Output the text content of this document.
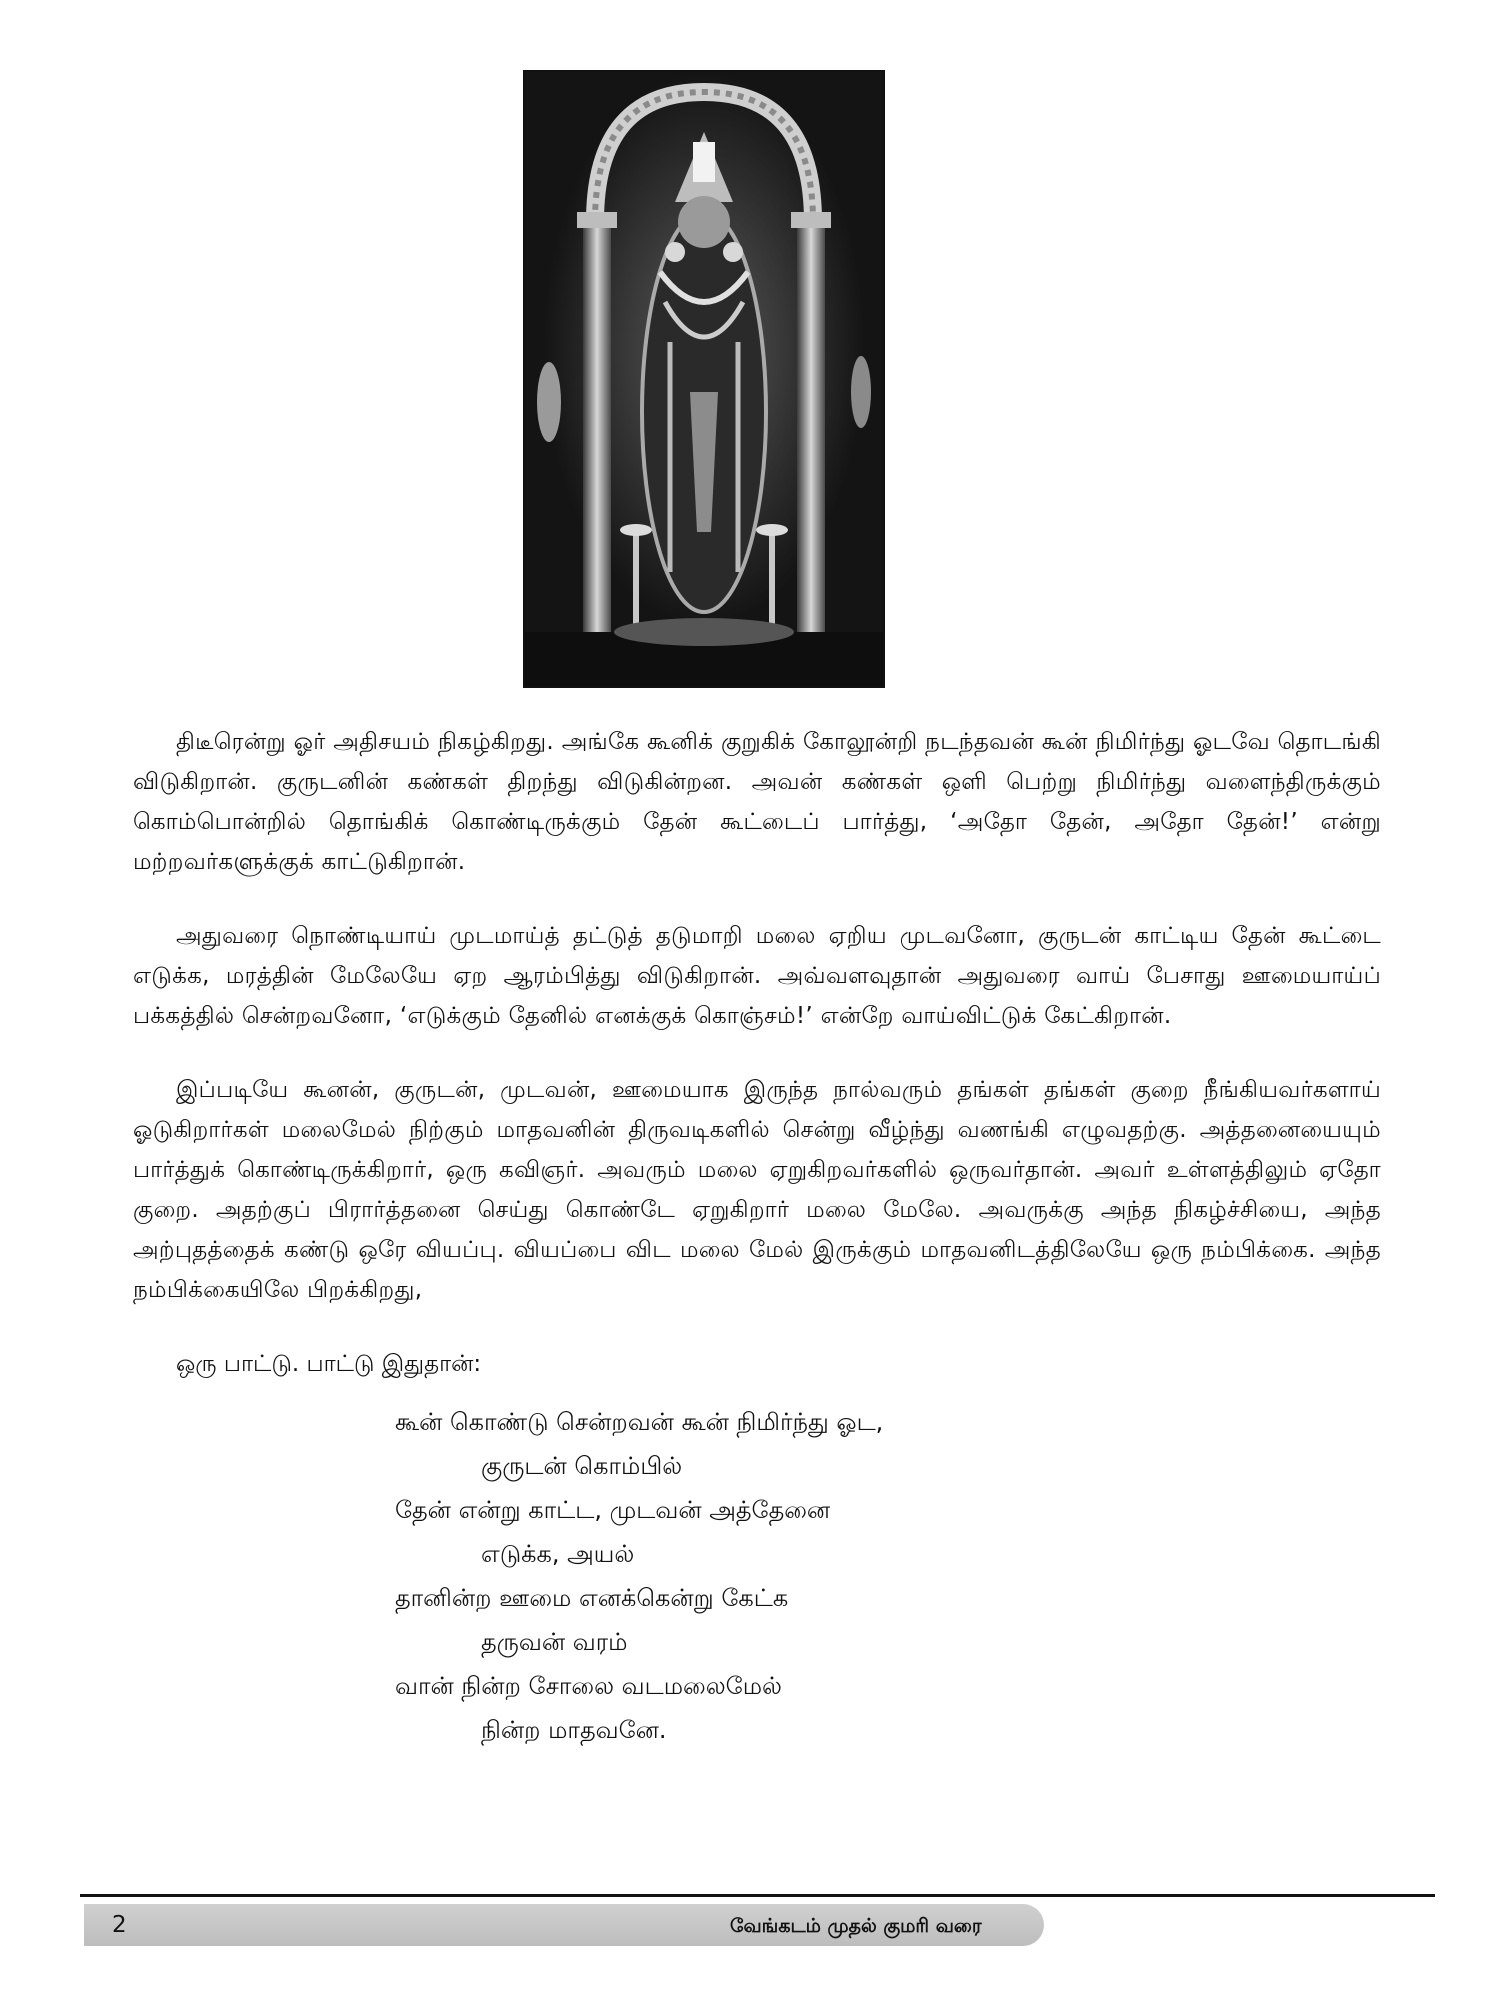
திடீரென்று ஓர் அதிசயம் நிகழ்கிறது. அங்கே கூனிக் குறுகிக் கோலூன்றி நடந்தவன் கூன் நிமிர்ந்து ஓடவே தொடங்கி விடுகிறான். குருடனின் கண்கள் திறந்து விடுகின்றன. அவன் கண்கள் ஒளி பெற்று நிமிர்ந்து வளைந்திருக்கும் கொம்பொன்றில் தொங்கிக் கொண்டிருக்கும் தேன் கூட்டைப் பார்த்து, ‘அதோ தேன், அதோ தேன்!’ என்று மற்றவர்களுக்குக் காட்டுகிறான்.

அதுவரை நொண்டியாய் முடமாய்த் தட்டுத் தடுமாறி மலை ஏறிய முடவனோ, குருடன் காட்டிய தேன் கூட்டை எடுக்க, மரத்தின் மேலேயே ஏற ஆரம்பித்து விடுகிறான். அவ்வளவுதான் அதுவரை வாய் பேசாது ஊமையாய்ப் பக்கத்தில் சென்றவனோ, ‘எடுக்கும் தேனில் எனக்குக் கொஞ்சம்!’ என்றே வாய்விட்டுக் கேட்கிறான்.

இப்படியே கூனன், குருடன், முடவன், ஊமையாக இருந்த நால்வரும் தங்கள் தங்கள் குறை நீங்கியவர்களாய் ஓடுகிறார்கள் மலைமேல் நிற்கும் மாதவனின் திருவடிகளில் சென்று வீழ்ந்து வணங்கி எழுவதற்கு. அத்தனையையும் பார்த்துக் கொண்டிருக்கிறார், ஒரு கவிஞர். அவரும் மலை ஏறுகிறவர்களில் ஒருவர்தான். அவர் உள்ளத்திலும் ஏதோ குறை. அதற்குப் பிரார்த்தனை செய்து கொண்டே ஏறுகிறார் மலை மேலே. அவருக்கு அந்த நிகழ்ச்சியை, அந்த அற்புதத்தைக் கண்டு ஒரே வியப்பு. வியப்பை விட மலை மேல் இருக்கும் மாதவனிடத்திலேயே ஒரு நம்பிக்கை. அந்த நம்பிக்கையிலே பிறக்கிறது,

ஒரு பாட்டு. பாட்டு இதுதான்:

கூன் கொண்டு சென்றவன் கூன் நிமிர்ந்து ஓட,
குருடன் கொம்பில்
தேன் என்று காட்ட, முடவன் அத்தேனை
எடுக்க, அயல்
தானின்ற ஊமை எனக்கென்று கேட்க
தருவன் வரம்
வான் நின்ற சோலை வடமலைமேல்
நின்ற மாதவனே.
2	வேங்கடம் முதல் குமரி வரை
